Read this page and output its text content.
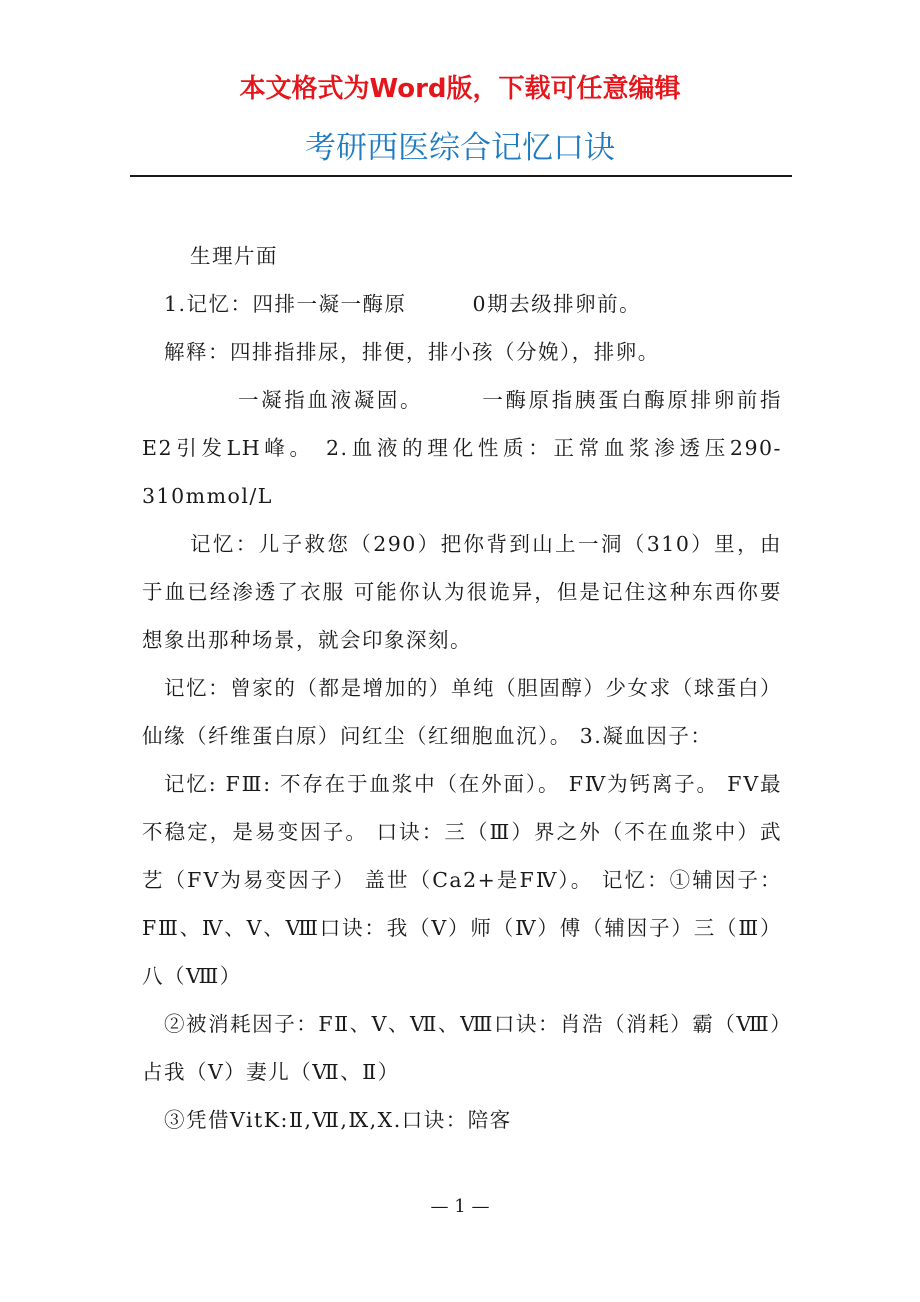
本文格式为Word版，下载可任意编辑
考研西医综合记忆口诀

生理片面

1.记忆：四排一凝一酶原　　　0期去级排卵前。

解释：四排指排尿，排便，排小孩（分娩），排卵。

一凝指血液凝固。　　　一酶原指胰蛋白酶原排卵前指E2引发LH峰。 2.血液的理化性质：正常血浆渗透压290-310mmol/L

记忆：儿子救您（290）把你背到山上一洞（310）里，由于血已经渗透了衣服 可能你认为很诡异，但是记住这种东西你要想象出那种场景，就会印象深刻。

记忆：曾家的（都是增加的）单纯（胆固醇）少女求（球蛋白）仙缘（纤维蛋白原）问红尘（红细胞血沉）。 3.凝血因子：

记忆: FⅢ: 不存在于血浆中（在外面）。 FⅣ为钙离子。 FⅤ最不稳定，是易变因子。 口诀：三（Ⅲ）界之外（不在血浆中）武艺（FⅤ为易变因子） 盖世（Ca2+是FⅣ）。 记忆：①辅因子：FⅢ、Ⅳ、Ⅴ、Ⅷ口诀：我（Ⅴ）师（Ⅳ）傅（辅因子）三（Ⅲ）八（Ⅷ）

②被消耗因子：FⅡ、Ⅴ、Ⅶ、Ⅷ口诀：肖浩（消耗）霸（Ⅷ）占我（Ⅴ）妻儿（Ⅶ、Ⅱ）

③凭借VitK:Ⅱ,Ⅶ,Ⅸ,Ⅹ.口诀：陪客

— 1 —
